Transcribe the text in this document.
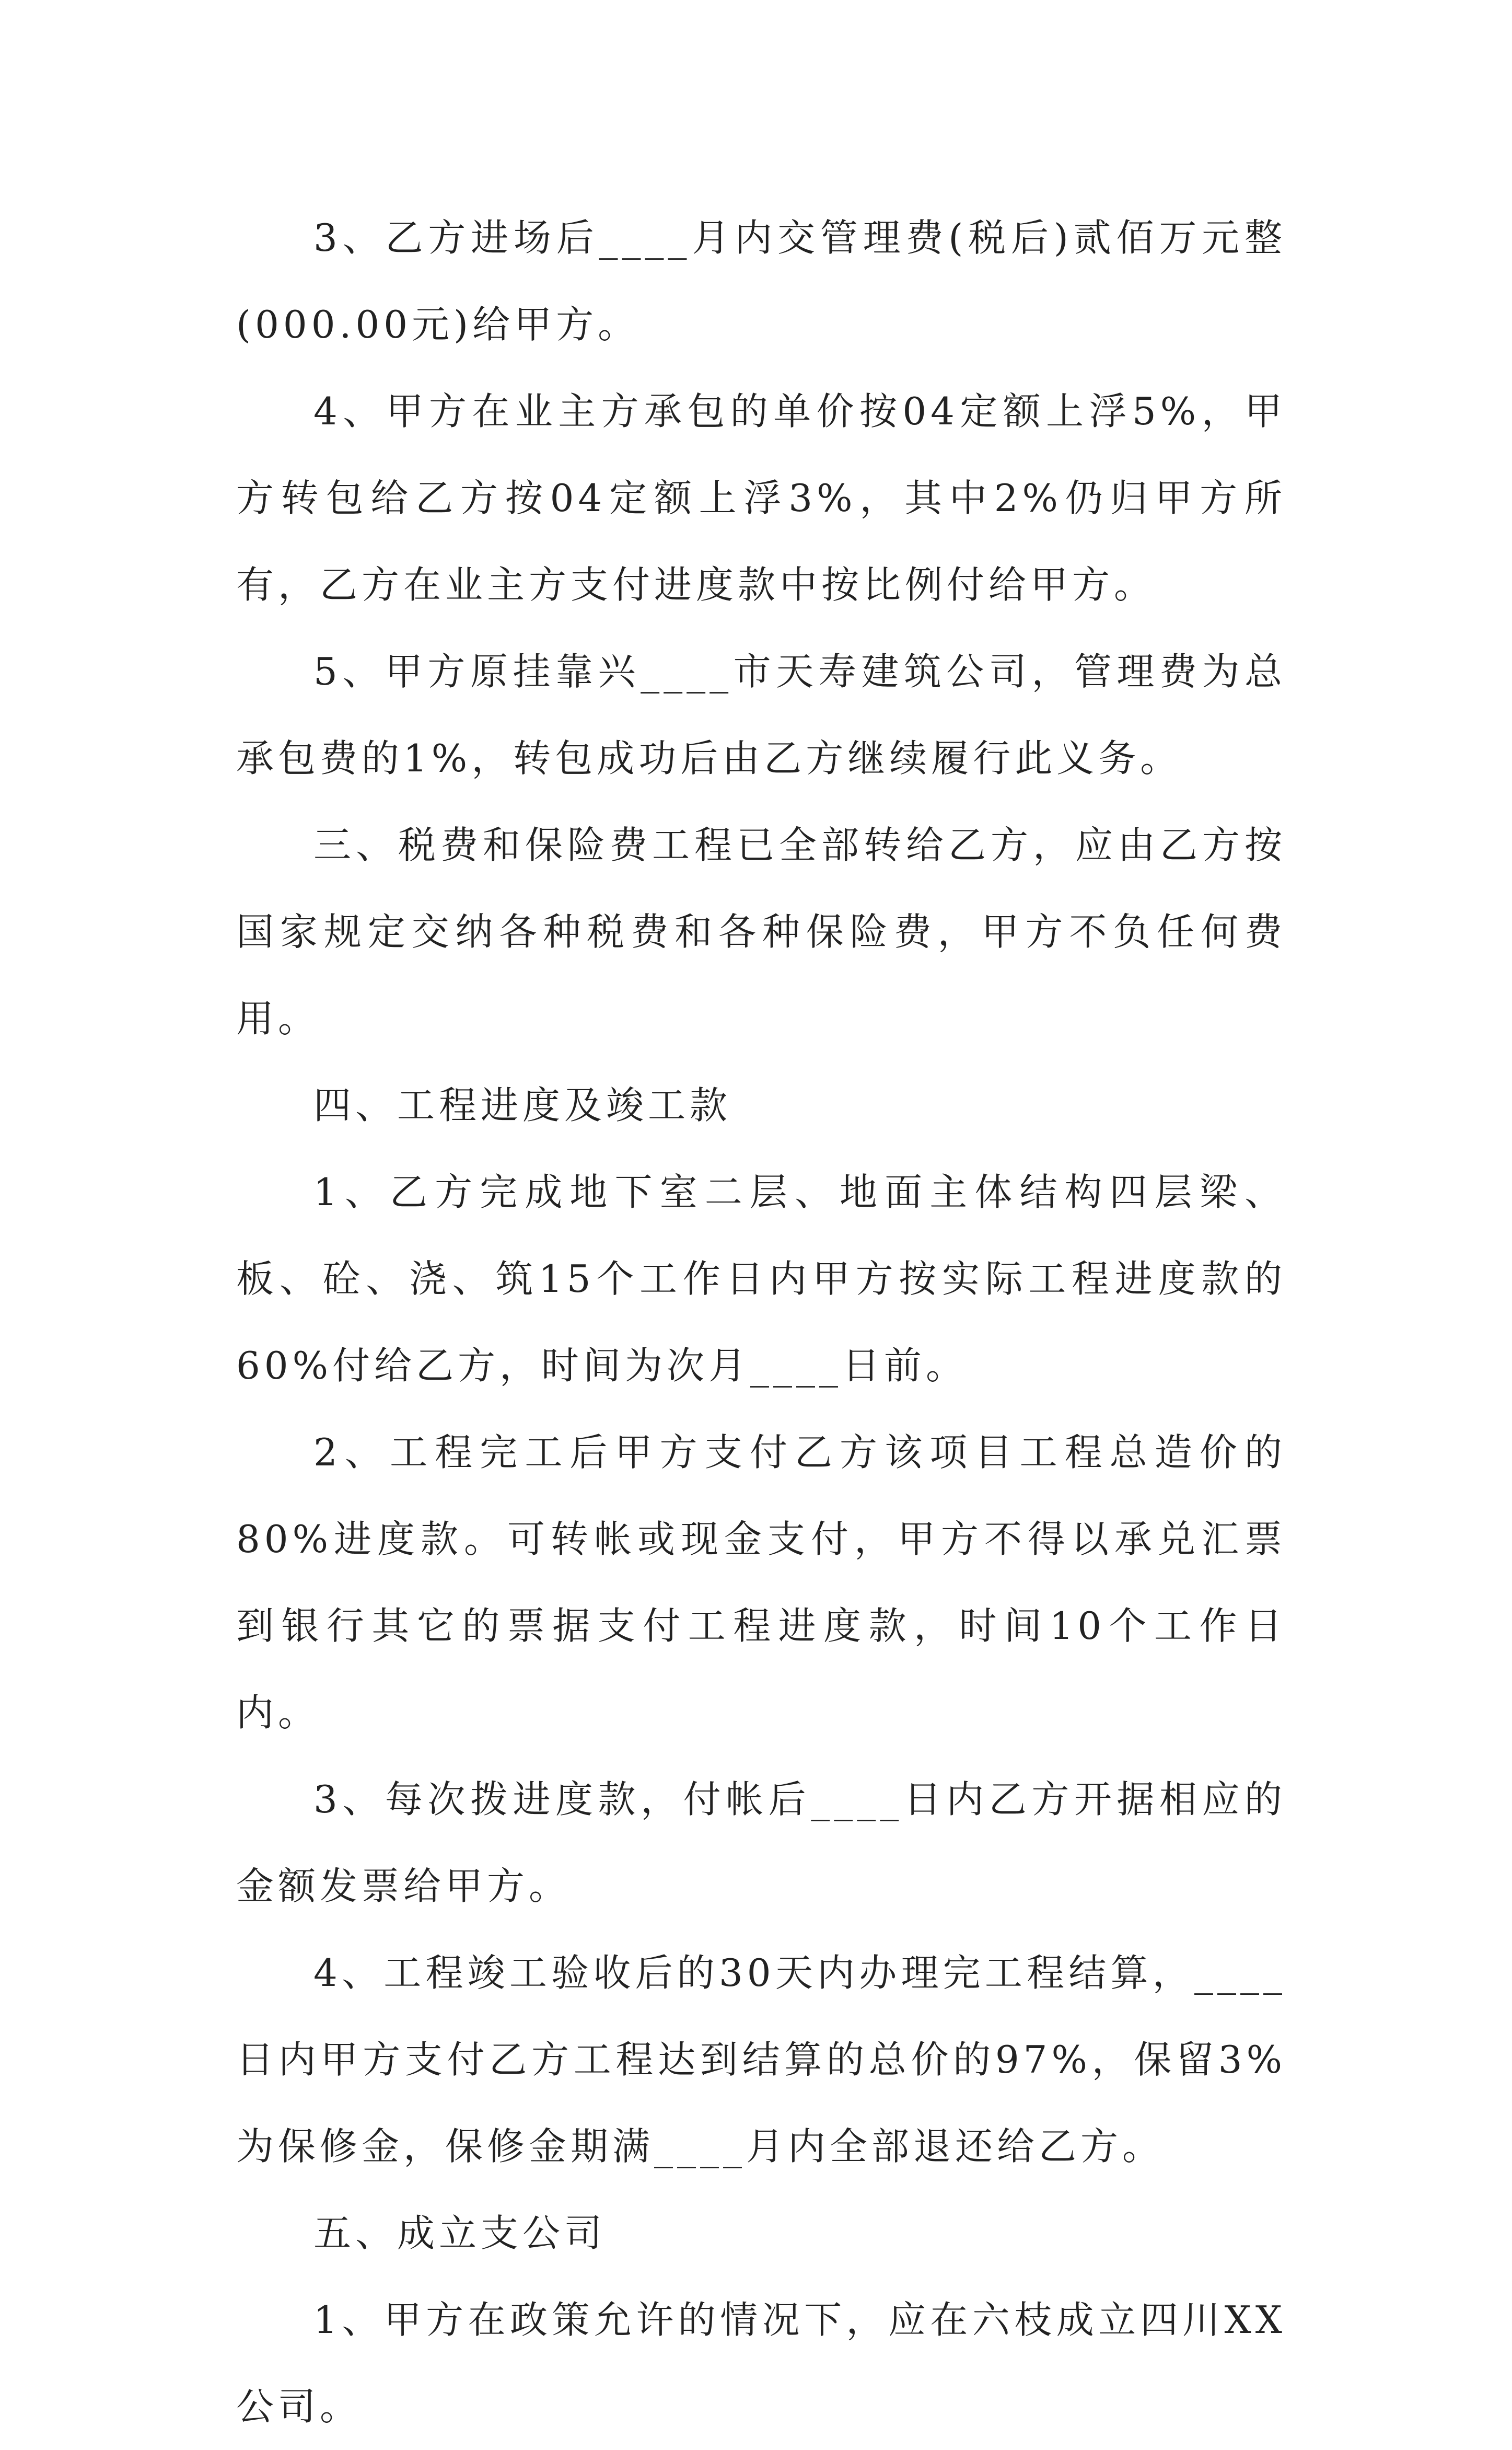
3、乙方进场后____月内交管理费(税后)贰佰万元整(000.00元)给甲方。

4、甲方在业主方承包的单价按04定额上浮5%，甲方转包给乙方按04定额上浮3%，其中2%仍归甲方所有，乙方在业主方支付进度款中按比例付给甲方。

5、甲方原挂靠兴____市天寿建筑公司，管理费为总承包费的1%，转包成功后由乙方继续履行此义务。

三、税费和保险费工程已全部转给乙方，应由乙方按国家规定交纳各种税费和各种保险费，甲方不负任何费用。

四、工程进度及竣工款

1、乙方完成地下室二层、地面主体结构四层梁、板、砼、浇、筑15个工作日内甲方按实际工程进度款的60%付给乙方，时间为次月____日前。

2、工程完工后甲方支付乙方该项目工程总造价的80%进度款。可转帐或现金支付，甲方不得以承兑汇票到银行其它的票据支付工程进度款，时间10个工作日内。

3、每次拨进度款，付帐后____日内乙方开据相应的金额发票给甲方。

4、工程竣工验收后的30天内办理完工程结算，____日内甲方支付乙方工程达到结算的总价的97%，保留3%为保修金，保修金期满____月内全部退还给乙方。

五、成立支公司

1、甲方在政策允许的情况下，应在六枝成立四川XX公司。
